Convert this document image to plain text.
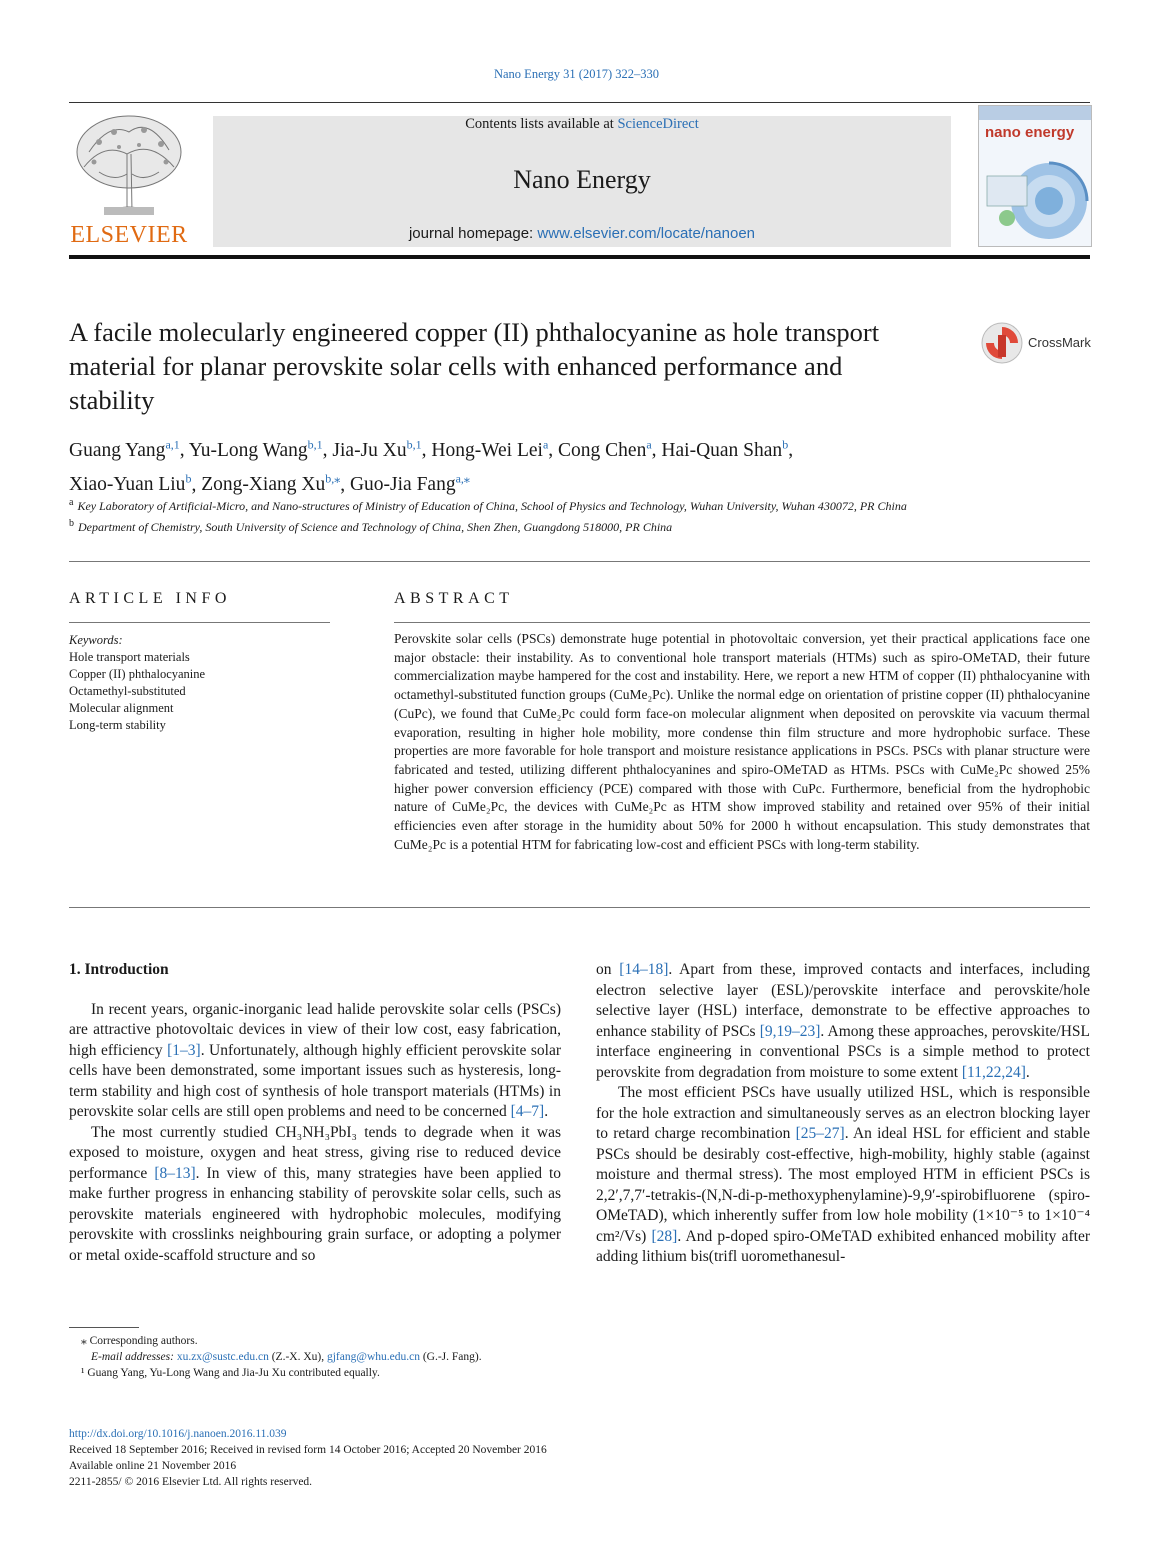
Nano Energy 31 (2017) 322–330
ELSEVIER
Contents lists available at ScienceDirect
Nano Energy
journal homepage: www.elsevier.com/locate/nanoen
nano energy
A facile molecularly engineered copper (II) phthalocyanine as hole transport material for planar perovskite solar cells with enhanced performance and stability
CrossMark
Guang Yang$^{a,1}$, Yu-Long Wang$^{b,1}$, Jia-Ju Xu$^{b,1}$, Hong-Wei Lei$^a$, Cong Chen$^a$, Hai-Quan Shan$^b$,
Xiao-Yuan Liu$^b$, Zong-Xiang $Xu^{b,⁎}$, Guo-Jia Fang$^{a,⁎}$
$^a$ Key Laboratory of Artificial-Micro, and Nano-structures of Ministry of Education of China, School of Physics and Technology, Wuhan University, Wuhan 430072, PR China
$^b$ Department of Chemistry, South University of Science and Technology of China, Shen Zhen, Guangdong 518000, PR China
ARTICLE INFO	ABSTRACT
Keywords:
Hole transport materials
Copper (II) phthalocyanine
Octamethyl-substituted
Molecular alignment
Long-term stability
Perovskite solar cells (PSCs) demonstrate huge potential in photovoltaic conversion, yet their practical applications face one major obstacle: their instability. As to conventional hole transport materials (HTMs) such as spiro-OMeTAD, their future commercialization maybe hampered for the cost and instability. Here, we report a new HTM of copper (II) phthalocyanine with octamethyl-substituted function groups (CuMe₂Pc). Unlike the normal edge on orientation of pristine copper (II) phthalocyanine (CuPc), we found that CuMe₂Pc could form face-on molecular alignment when deposited on perovskite via vacuum thermal evaporation, resulting in higher hole mobility, more condense thin film structure and more hydrophobic surface. These properties are more favorable for hole transport and moisture resistance applications in PSCs. PSCs with planar structure were fabricated and tested, utilizing different phthalocyanines and spiro-OMeTAD as HTMs. PSCs with CuMe₂Pc showed 25% higher power conversion efficiency (PCE) compared with those with CuPc. Furthermore, beneficial from the hydrophobic nature of CuMe₂Pc, the devices with CuMe₂Pc as HTM show improved stability and retained over 95% of their initial efficiencies even after storage in the humidity about 50% for 2000 h without encapsulation. This study demonstrates that CuMe₂Pc is a potential HTM for fabricating low-cost and efficient PSCs with long-term stability.
1. Introduction

In recent years, organic-inorganic lead halide perovskite solar cells (PSCs) are attractive photovoltaic devices in view of their low cost, easy fabrication, high efficiency [1–3]. Unfortunately, although highly efficient perovskite solar cells have been demonstrated, some important issues such as hysteresis, long-term stability and high cost of synthesis of hole transport materials (HTMs) in perovskite solar cells are still open problems and need to be concerned [4–7].

The most currently studied CH₃NH₃PbI₃ tends to degrade when it was exposed to moisture, oxygen and heat stress, giving rise to reduced device performance [8–13]. In view of this, many strategies have been applied to make further progress in enhancing stability of perovskite solar cells, such as perovskite materials engineered with hydrophobic molecules, modifying perovskite with crosslinks neighbouring grain surface, or adopting a polymer or metal oxide-scaffold structure and so

on [14–18]. Apart from these, improved contacts and interfaces, including electron selective layer (ESL)/perovskite interface and perovskite/hole selective layer (HSL) interface, demonstrate to be effective approaches to enhance stability of PSCs [9,19–23]. Among these approaches, perovskite/HSL interface engineering in conventional PSCs is a simple method to protect perovskite from degradation from moisture to some extent [11,22,24].

The most efficient PSCs have usually utilized HSL, which is responsible for the hole extraction and simultaneously serves as an electron blocking layer to retard charge recombination [25–27]. An ideal HSL for efficient and stable PSCs should be desirably cost-effective, high-mobility, highly stable (against moisture and thermal stress). The most employed HTM in efficient PSCs is 2,2′,7,7′-tetrakis-(N,N-di-p-methoxyphenylamine)-9,9′-spirobifluorene (spiro-OMeTAD), which inherently suffer from low hole mobility (1×10⁻⁵ to 1×10⁻⁴ cm²/Vs) [28]. And p-doped spiro-OMeTAD exhibited enhanced mobility after adding lithium bis(trifl uoromethanesul-

⁎ Corresponding authors.
E-mail addresses: xu.zx@sustc.edu.cn (Z.-X. Xu), gjfang@whu.edu.cn (G.-J. Fang).
¹ Guang Yang, Yu-Long Wang and Jia-Ju Xu contributed equally.
http://dx.doi.org/10.1016/j.nanoen.2016.11.039
Received 18 September 2016; Received in revised form 14 October 2016; Accepted 20 November 2016
Available online 21 November 2016
2211-2855/ © 2016 Elsevier Ltd. All rights reserved.
